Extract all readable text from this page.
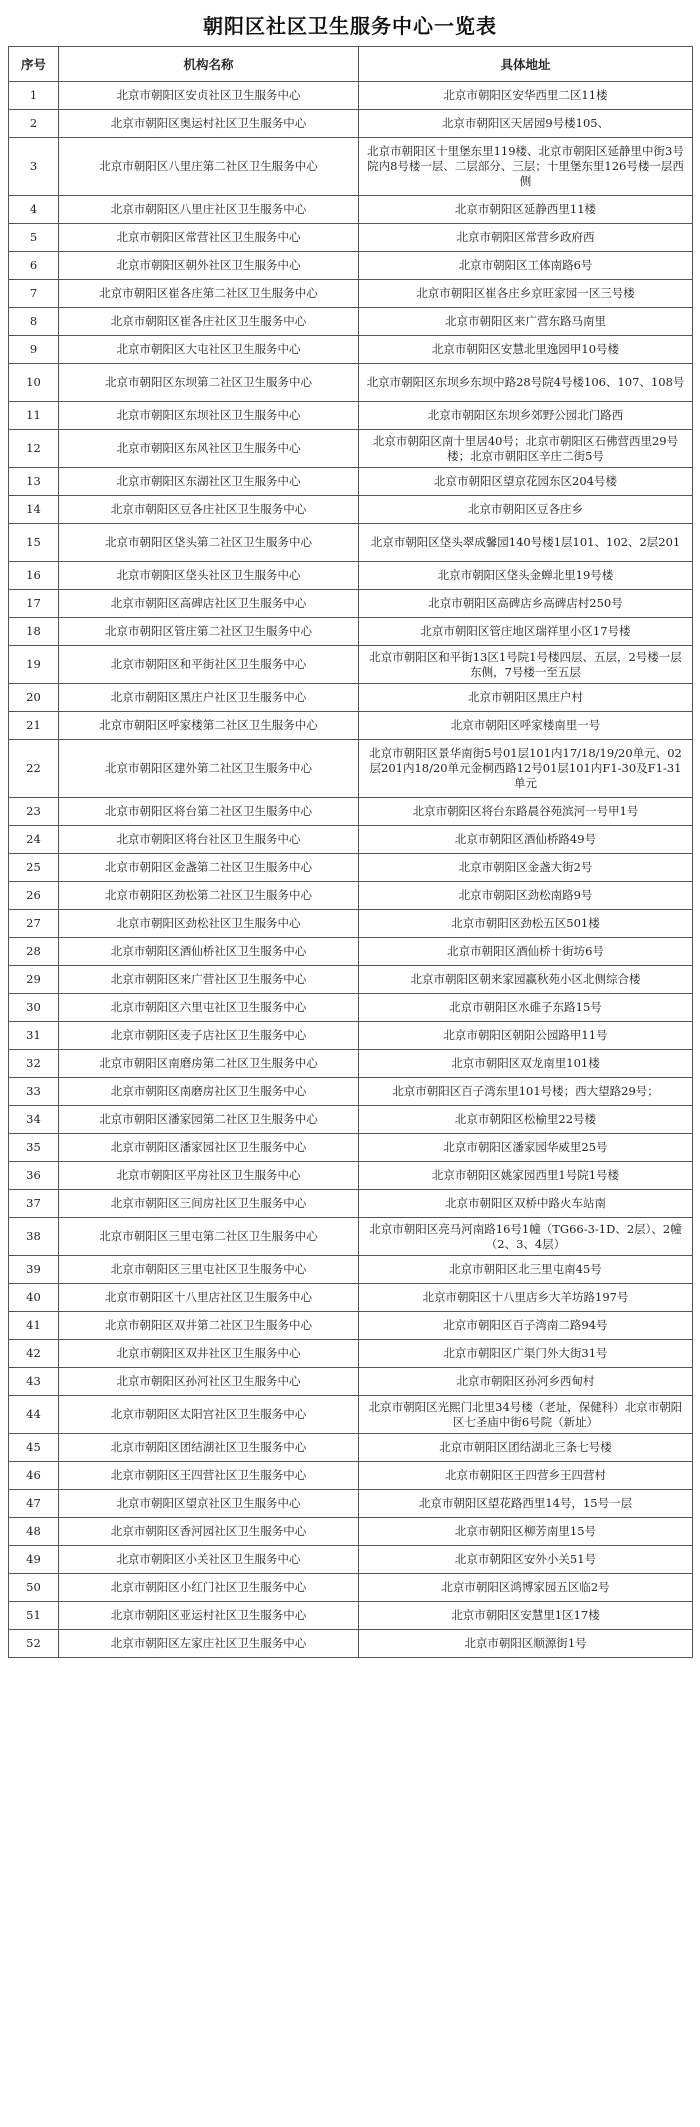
朝阳区社区卫生服务中心一览表
序号	机构名称	具体地址
1	北京市朝阳区安贞社区卫生服务中心	北京市朝阳区安华西里二区11楼
2	北京市朝阳区奥运村社区卫生服务中心	北京市朝阳区天居园9号楼105、
3	北京市朝阳区八里庄第二社区卫生服务中心	北京市朝阳区十里堡东里119楼、北京市朝阳区延静里中街3号院内8号楼一层、二层部分、三层；十里堡东里126号楼一层西侧
4	北京市朝阳区八里庄社区卫生服务中心	北京市朝阳区延静西里11楼
5	北京市朝阳区常营社区卫生服务中心	北京市朝阳区常营乡政府西
6	北京市朝阳区朝外社区卫生服务中心	北京市朝阳区工体南路6号
7	北京市朝阳区崔各庄第二社区卫生服务中心	北京市朝阳区崔各庄乡京旺家园一区三号楼
8	北京市朝阳区崔各庄社区卫生服务中心	北京市朝阳区来广营东路马南里
9	北京市朝阳区大屯社区卫生服务中心	北京市朝阳区安慧北里逸园甲10号楼
10	北京市朝阳区东坝第二社区卫生服务中心	北京市朝阳区东坝乡东坝中路28号院4号楼106、107、108号
11	北京市朝阳区东坝社区卫生服务中心	北京市朝阳区东坝乡郊野公园北门路西
12	北京市朝阳区东风社区卫生服务中心	北京市朝阳区南十里居40号；北京市朝阳区石佛营西里29号楼；北京市朝阳区辛庄二街5号
13	北京市朝阳区东湖社区卫生服务中心	北京市朝阳区望京花园东区204号楼
14	北京市朝阳区豆各庄社区卫生服务中心	北京市朝阳区豆各庄乡
15	北京市朝阳区垡头第二社区卫生服务中心	北京市朝阳区垡头翠成馨园140号楼1层101、102、2层201
16	北京市朝阳区垡头社区卫生服务中心	北京市朝阳区垡头金蝉北里19号楼
17	北京市朝阳区高碑店社区卫生服务中心	北京市朝阳区高碑店乡高碑店村250号
18	北京市朝阳区管庄第二社区卫生服务中心	北京市朝阳区管庄地区瑞祥里小区17号楼
19	北京市朝阳区和平街社区卫生服务中心	北京市朝阳区和平街13区1号院1号楼四层、五层，2号楼一层东侧，7号楼一至五层
20	北京市朝阳区黑庄户社区卫生服务中心	北京市朝阳区黑庄户村
21	北京市朝阳区呼家楼第二社区卫生服务中心	北京市朝阳区呼家楼南里一号
22	北京市朝阳区建外第二社区卫生服务中心	北京市朝阳区景华南街5号01层101内17/18/19/20单元、02层201内18/20单元金桐西路12号01层101内F1-30及F1-31单元
23	北京市朝阳区将台第二社区卫生服务中心	北京市朝阳区将台东路晨谷苑滨河一号甲1号
24	北京市朝阳区将台社区卫生服务中心	北京市朝阳区酒仙桥路49号
25	北京市朝阳区金盏第二社区卫生服务中心	北京市朝阳区金盏大街2号
26	北京市朝阳区劲松第二社区卫生服务中心	北京市朝阳区劲松南路9号
27	北京市朝阳区劲松社区卫生服务中心	北京市朝阳区劲松五区501楼
28	北京市朝阳区酒仙桥社区卫生服务中心	北京市朝阳区酒仙桥十街坊6号
29	北京市朝阳区来广营社区卫生服务中心	北京市朝阳区朝来家园赢秋苑小区北侧综合楼
30	北京市朝阳区六里屯社区卫生服务中心	北京市朝阳区水碓子东路15号
31	北京市朝阳区麦子店社区卫生服务中心	北京市朝阳区朝阳公园路甲11号
32	北京市朝阳区南磨房第二社区卫生服务中心	北京市朝阳区双龙南里101楼
33	北京市朝阳区南磨房社区卫生服务中心	北京市朝阳区百子湾东里101号楼；西大望路29号；
34	北京市朝阳区潘家园第二社区卫生服务中心	北京市朝阳区松榆里22号楼
35	北京市朝阳区潘家园社区卫生服务中心	北京市朝阳区潘家园华威里25号
36	北京市朝阳区平房社区卫生服务中心	北京市朝阳区姚家园西里1号院1号楼
37	北京市朝阳区三间房社区卫生服务中心	北京市朝阳区双桥中路火车站南
38	北京市朝阳区三里屯第二社区卫生服务中心	北京市朝阳区亮马河南路16号1幢（TG66-3-1D、2层）、2幢（2、3、4层）
39	北京市朝阳区三里屯社区卫生服务中心	北京市朝阳区北三里屯南45号
40	北京市朝阳区十八里店社区卫生服务中心	北京市朝阳区十八里店乡大羊坊路197号
41	北京市朝阳区双井第二社区卫生服务中心	北京市朝阳区百子湾南二路94号
42	北京市朝阳区双井社区卫生服务中心	北京市朝阳区广渠门外大街31号
43	北京市朝阳区孙河社区卫生服务中心	北京市朝阳区孙河乡西甸村
44	北京市朝阳区太阳宫社区卫生服务中心	北京市朝阳区光熙门北里34号楼（老址，保健科）北京市朝阳区七圣庙中街6号院（新址）
45	北京市朝阳区团结湖社区卫生服务中心	北京市朝阳区团结湖北三条七号楼
46	北京市朝阳区王四营社区卫生服务中心	北京市朝阳区王四营乡王四营村
47	北京市朝阳区望京社区卫生服务中心	北京市朝阳区望花路西里14号，15号一层
48	北京市朝阳区香河园社区卫生服务中心	北京市朝阳区柳芳南里15号
49	北京市朝阳区小关社区卫生服务中心	北京市朝阳区安外小关51号
50	北京市朝阳区小红门社区卫生服务中心	北京市朝阳区鸿博家园五区临2号
51	北京市朝阳区亚运村社区卫生服务中心	北京市朝阳区安慧里1区17楼
52	北京市朝阳区左家庄社区卫生服务中心	北京市朝阳区顺源街1号
